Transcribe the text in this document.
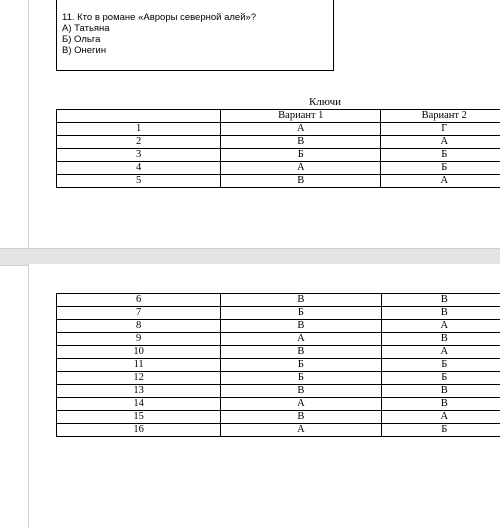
11. Кто в романе «Авроры северной алей»?
А) Татьяна
Б) Ольга
В) Онегин
Ключи
	Вариант 1	Вариант 2
1	А	Г
2	В	А
3	Б	Б
4	А	Б
5	В	А
6	В	В
7	Б	В
8	В	А
9	А	В
10	В	А
11	Б	Б
12	Б	Б
13	В	В
14	А	В
15	В	А
16	А	Б
